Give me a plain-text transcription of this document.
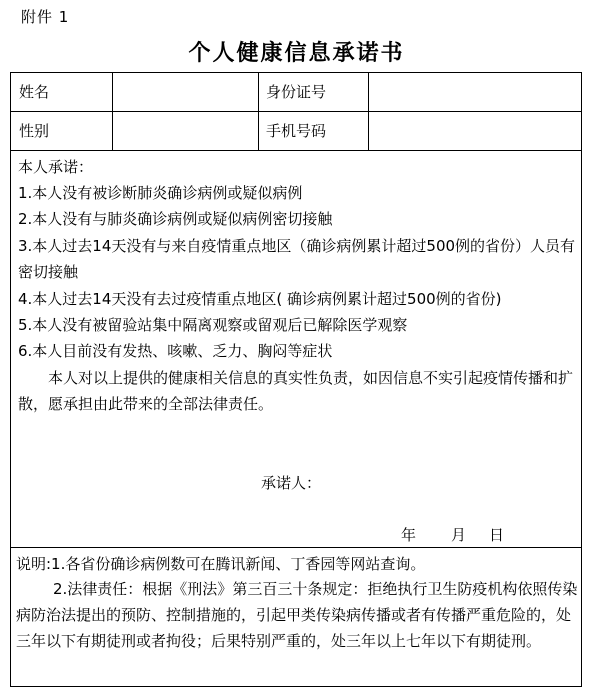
附件 1
个人健康信息承诺书
姓名	身份证号
性别	手机号码
本人承诺：
1.本人没有被诊断肺炎确诊病例或疑似病例
2.本人没有与肺炎确诊病例或疑似病例密切接触
3.本人过去14天没有与来自疫情重点地区（确诊病例累计超过500例的省份）人员有密切接触
4.本人过去14天没有去过疫情重点地区( 确诊病例累计超过500例的省份)
5.本人没有被留验站集中隔离观察或留观后已解除医学观察
6.本人目前没有发热、咳嗽、乏力、胸闷等症状
本人对以上提供的健康相关信息的真实性负责，如因信息不实引起疫情传播和扩散，愿承担由此带来的全部法律责任。
承诺人：
年 月 日
说明:1.各省份确诊病例数可在腾讯新闻、丁香园等网站查询。
2.法律责任：根据《刑法》第三百三十条规定：拒绝执行卫生防疫机构依照传染病防治法提出的预防、控制措施的，引起甲类传染病传播或者有传播严重危险的，处三年以下有期徒刑或者拘役；后果特别严重的，处三年以上七年以下有期徒刑。
